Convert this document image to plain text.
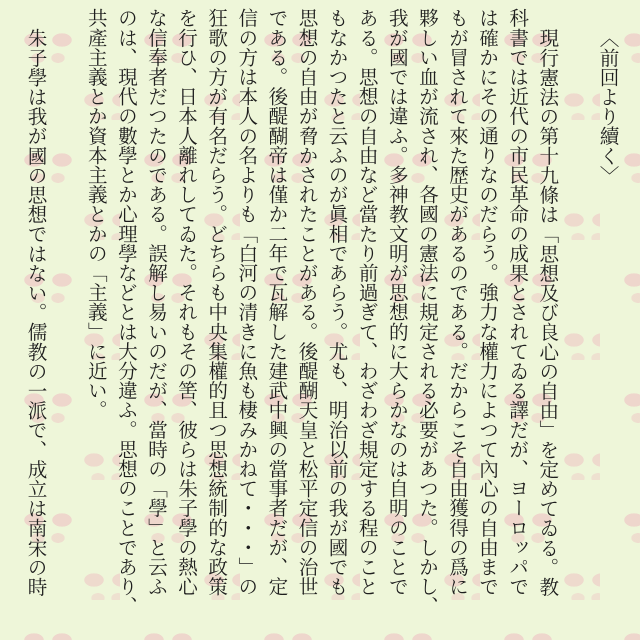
〈前回より續く〉
現行憲法の第十九條は「思想及び良心の自由」を定めてゐる。教
科書では近代の市民革命の成果とされてゐる譯だが、ヨーロッパで
は確かにその通りなのだらう。強力な權力によつて內心の自由まで
もが冒されて來た歴史があるのである。だからこそ自由獲得の爲に
夥しい血が流され、各國の憲法に規定される必要があつた。しかし、
我が國では違ふ。多神教文明が思想的に大らかなのは自明のことで
ある。思想の自由など當たり前過ぎて、わざわざ規定する程のこと
もなかつたと云ふのが眞相であらう。尤も、明治以前の我が國でも
思想の自由が脅かされたことがある。後醍醐天皇と松平定信の治世
である。後醍醐帝は僅か二年で瓦解した建武中興の當事者だが、定
信の方は本人の名よりも「白河の清きに魚も棲みかねて・・・」の
狂歌の方が有名だらう。どちらも中央集權的且つ思想統制的な政策
を行ひ、日本人離れしてゐた。それもその筈、彼らは朱子學の熱心
な信奉者だつたのである。誤解し易いのだが、當時の「學」と云ふ
のは、現代の數學とか心理學などとは大分違ふ。思想のことであり、
共產主義とか資本主義とかの「主義」に近い。
朱子學は我が國の思想ではない。儒教の一派で、成立は南宋の時
